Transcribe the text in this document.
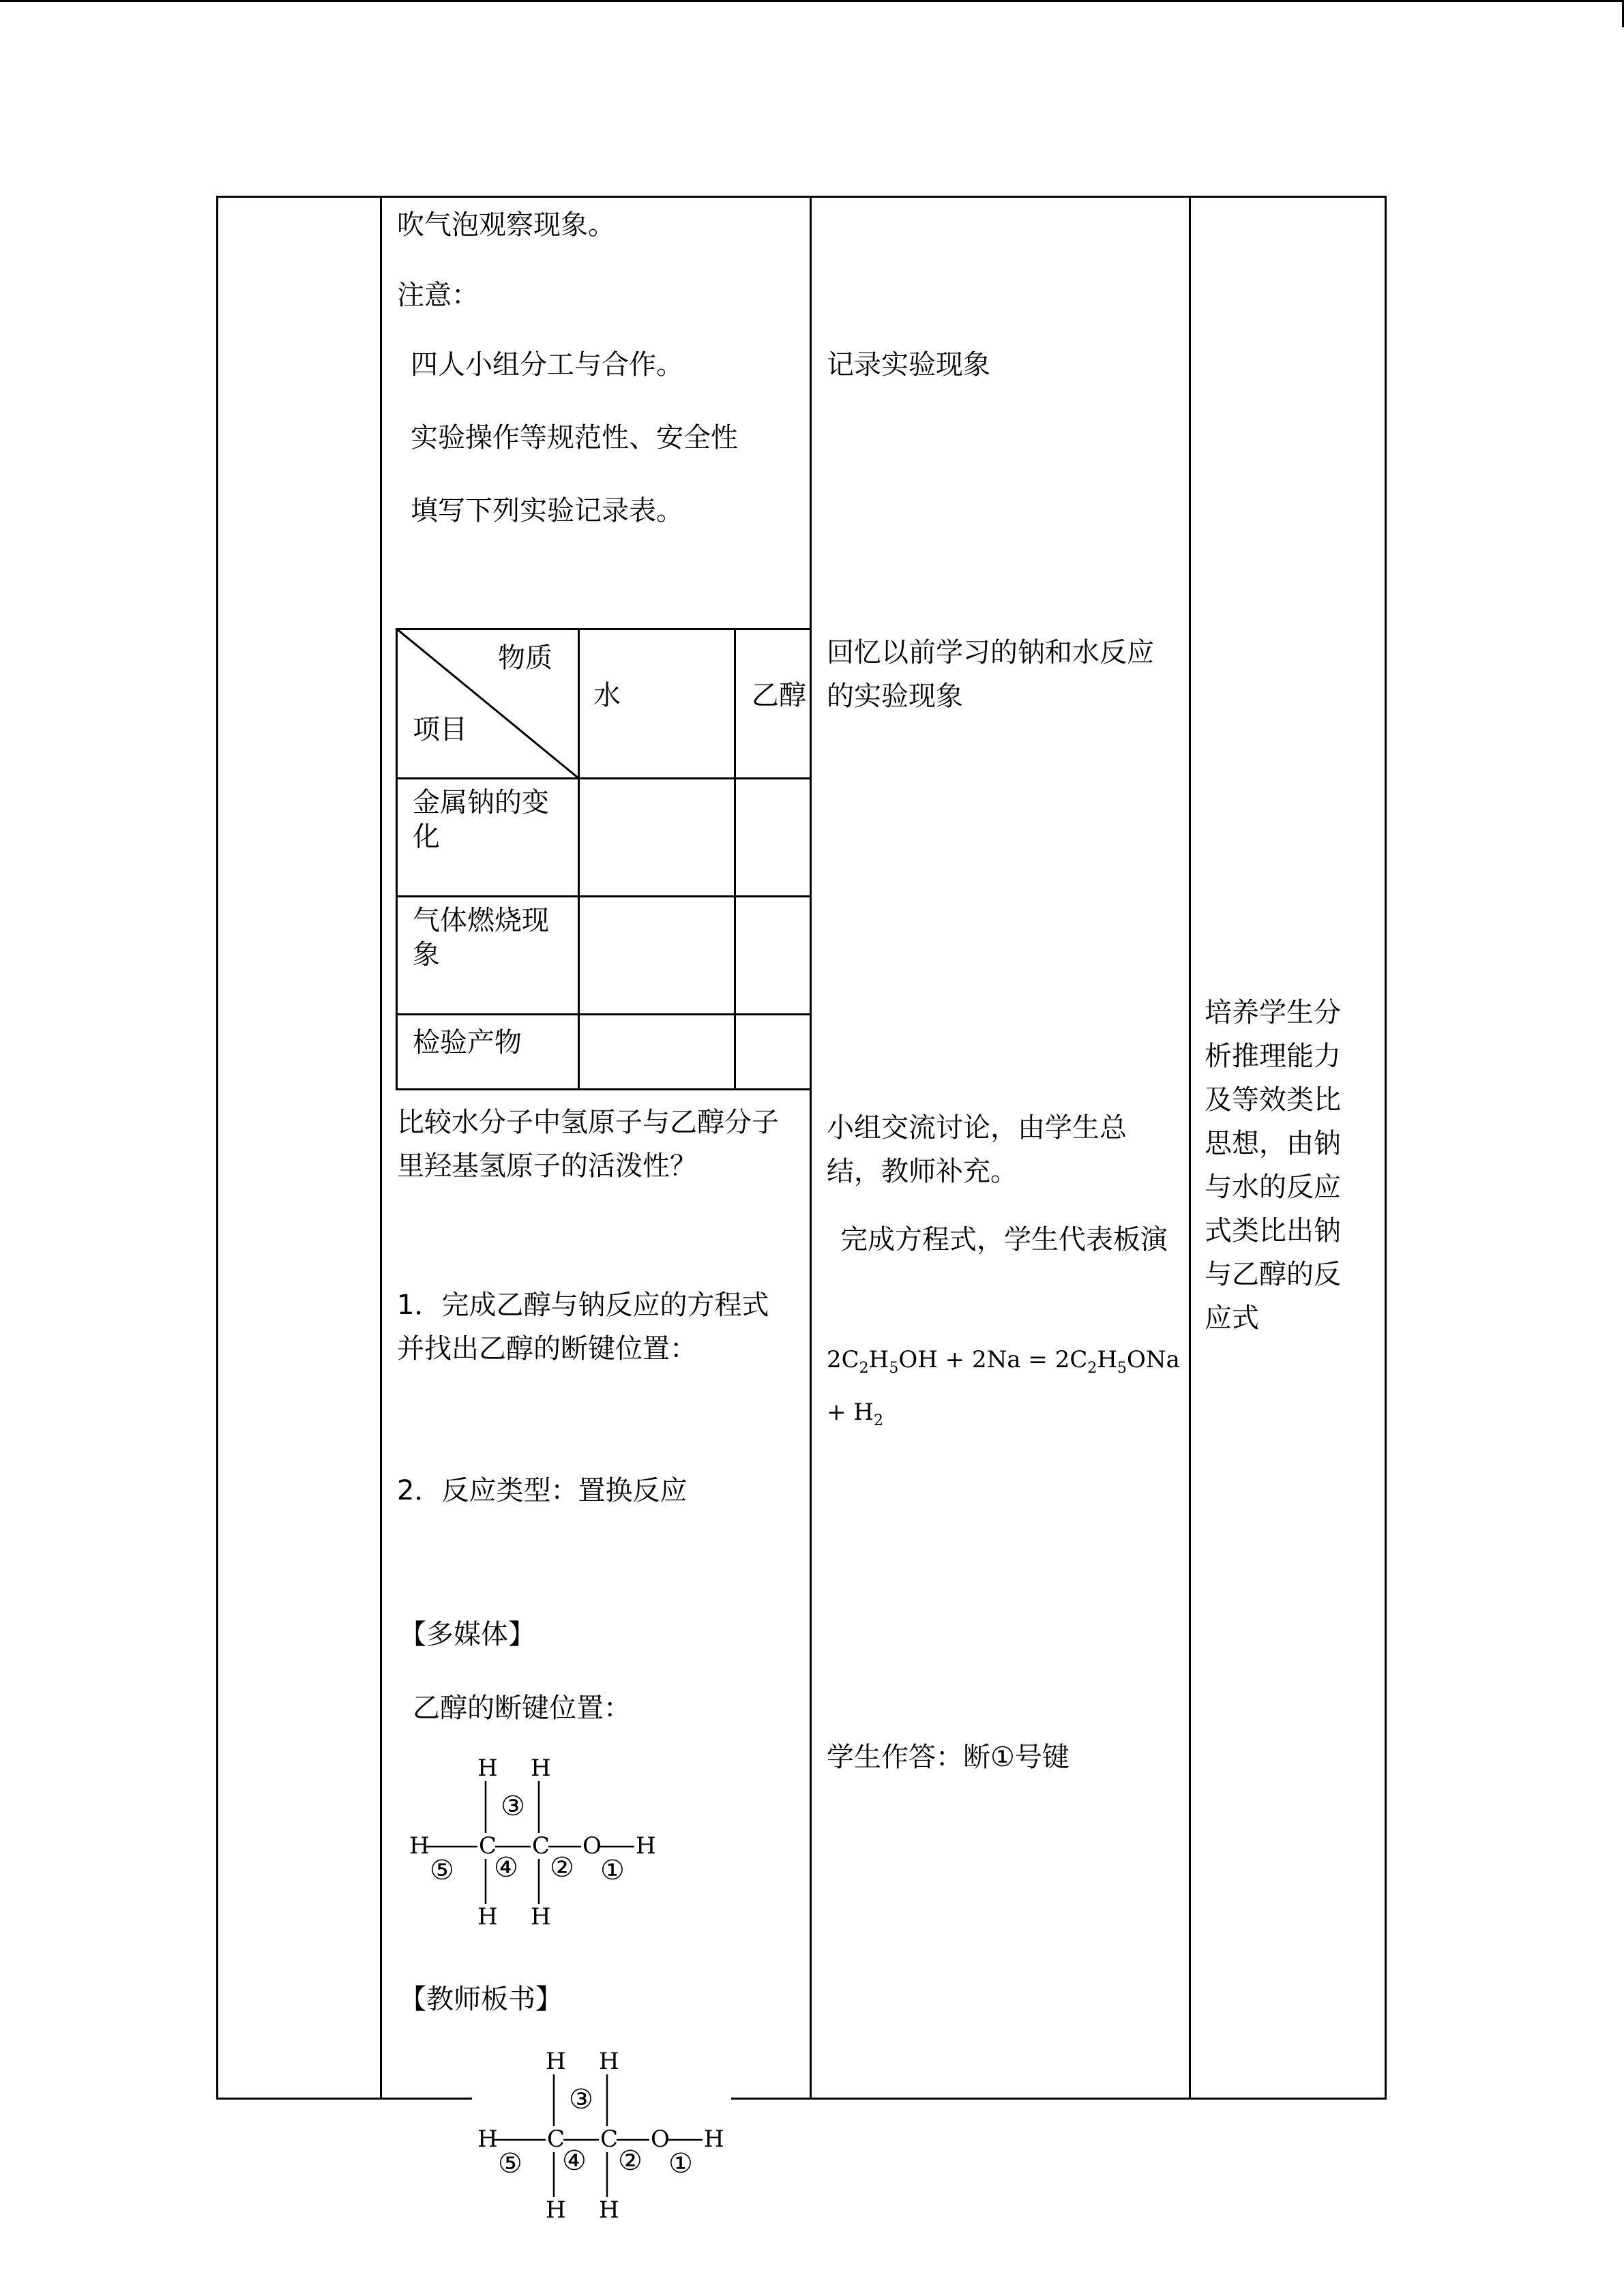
吹气泡观察现象。
注意：
四人小组分工与合作。
实验操作等规范性、安全性
填写下列实验记录表。
物质
项目
水	乙醇
金属钠的变化
气体燃烧现象
检验产物
比较水分子中氢原子与乙醇分子里羟基氢原子的活泼性？
1．完成乙醇与钠反应的方程式并找出乙醇的断键位置：
2．反应类型：置换反应
【多媒体】
乙醇的断键位置：
H H
H C C O H
H H
③
⑤ ④ ② ①
【教师板书】
H H
H C C O H
H H
③
⑤ ④ ② ①
记录实验现象
回忆以前学习的钠和水反应的实验现象
小组交流讨论，由学生总结，教师补充。
完成方程式，学生代表板演
$2C_2H_5OH + 2Na = 2C_2H_5ONa + H_2$
学生作答：断①号键
培养学生分析推理能力及等效类比思想，由钠与水的反应式类比出钠与乙醇的反应式
